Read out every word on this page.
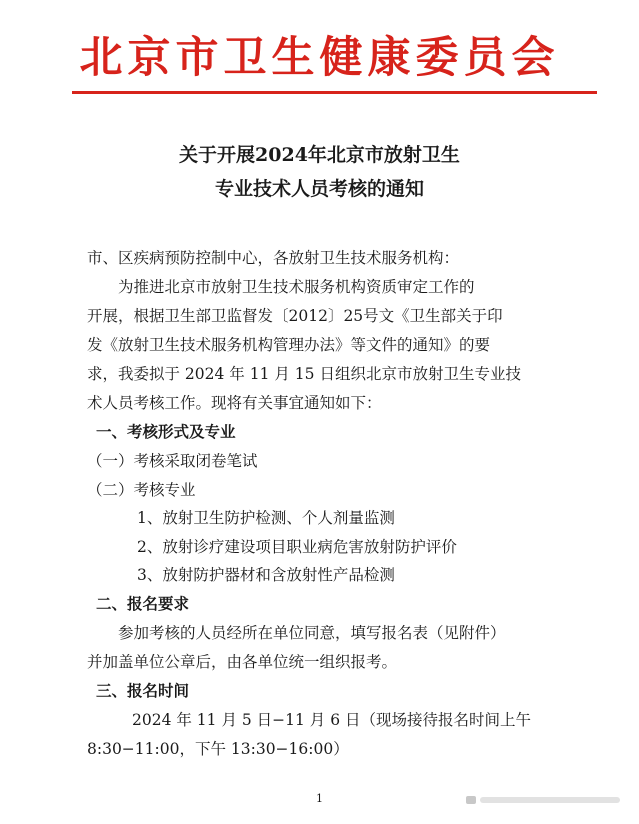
北京市卫生健康委员会
关于开展2024年北京市放射卫生
专业技术人员考核的通知
市、区疾病预防控制中心，各放射卫生技术服务机构：
为推进北京市放射卫生技术服务机构资质审定工作的
开展，根据卫生部卫监督发〔2012〕25号文《卫生部关于印
发《放射卫生技术服务机构管理办法》等文件的通知》的要
求，我委拟于 2024 年 11 月 15 日组织北京市放射卫生专业技
术人员考核工作。现将有关事宜通知如下：
一、考核形式及专业
（一）考核采取闭卷笔试
（二）考核专业
1、放射卫生防护检测、个人剂量监测
2、放射诊疗建设项目职业病危害放射防护评价
3、放射防护器材和含放射性产品检测
二、报名要求
参加考核的人员经所在单位同意，填写报名表（见附件）
并加盖单位公章后，由各单位统一组织报考。
三、报名时间
2024 年 11 月 5 日−11 月 6 日（现场接待报名时间上午
8:30−11:00，下午 13:30−16:00）
1
